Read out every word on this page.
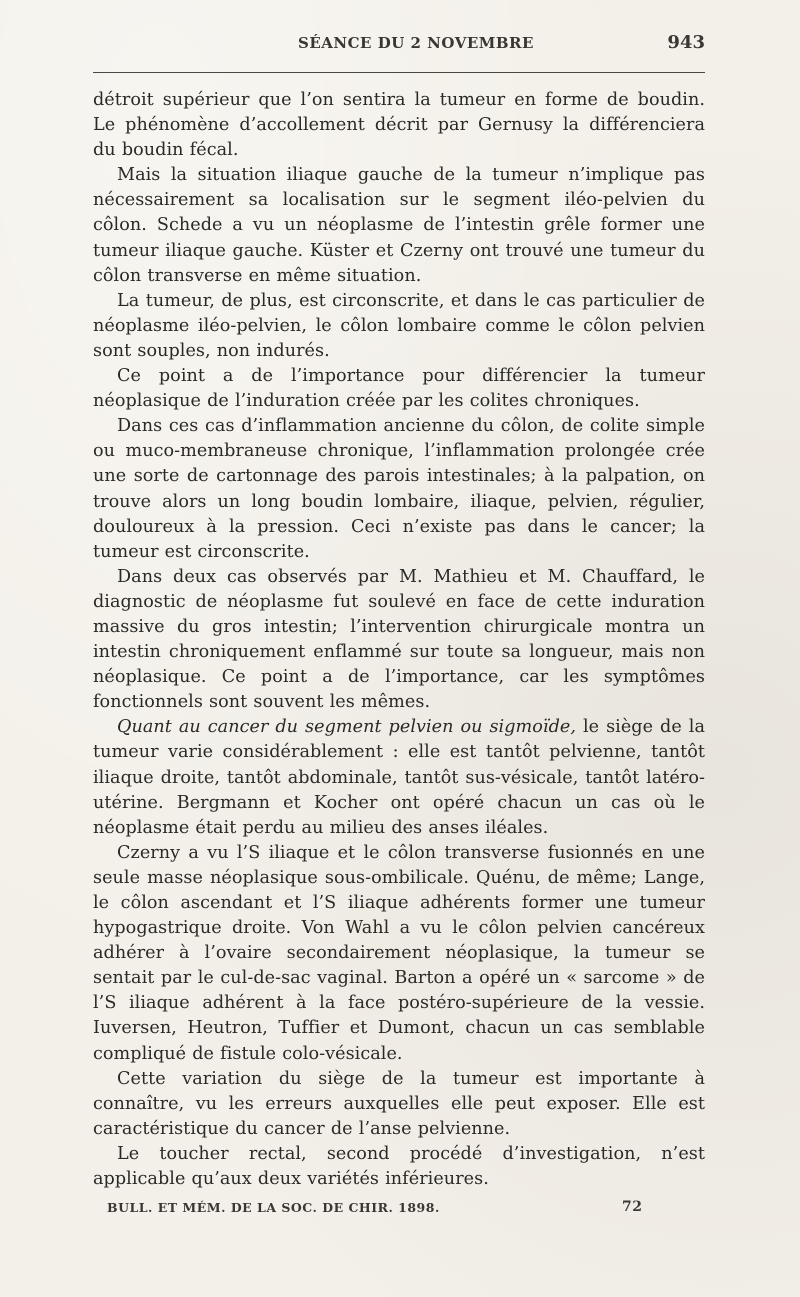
SÉANCE DU 2 NOVEMBRE	943

détroit supérieur que l’on sentira la tumeur en forme de boudin. Le phénomène d’accollement décrit par Gernusy la différenciera du boudin fécal.

Mais la situation iliaque gauche de la tumeur n’implique pas nécessairement sa localisation sur le segment iléo-pelvien du côlon. Schede a vu un néoplasme de l’intestin grêle former une tumeur iliaque gauche. Küster et Czerny ont trouvé une tumeur du côlon transverse en même situation.

La tumeur, de plus, est circonscrite, et dans le cas particulier de néoplasme iléo-pelvien, le côlon lombaire comme le côlon pelvien sont souples, non indurés.

Ce point a de l’importance pour différencier la tumeur néoplasique de l’induration créée par les colites chroniques.

Dans ces cas d’inflammation ancienne du côlon, de colite simple ou muco-membraneuse chronique, l’inflammation prolongée crée une sorte de cartonnage des parois intestinales; à la palpation, on trouve alors un long boudin lombaire, iliaque, pelvien, régulier, douloureux à la pression. Ceci n’existe pas dans le cancer; la tumeur est circonscrite.

Dans deux cas observés par M. Mathieu et M. Chauffard, le diagnostic de néoplasme fut soulevé en face de cette induration massive du gros intestin; l’intervention chirurgicale montra un intestin chroniquement enflammé sur toute sa longueur, mais non néoplasique. Ce point a de l’importance, car les symptômes fonctionnels sont souvent les mêmes.

Quant au cancer du segment pelvien ou sigmoïde, le siège de la tumeur varie considérablement : elle est tantôt pelvienne, tantôt iliaque droite, tantôt abdominale, tantôt sus-vésicale, tantôt latéro-utérine. Bergmann et Kocher ont opéré chacun un cas où le néoplasme était perdu au milieu des anses iléales.

Czerny a vu l’S iliaque et le côlon transverse fusionnés en une seule masse néoplasique sous-ombilicale. Quénu, de même; Lange, le côlon ascendant et l’S iliaque adhérents former une tumeur hypogastrique droite. Von Wahl a vu le côlon pelvien cancéreux adhérer à l’ovaire secondairement néoplasique, la tumeur se sentait par le cul-de-sac vaginal. Barton a opéré un « sarcome » de l’S iliaque adhérent à la face postéro-supérieure de la vessie. Iuversen, Heutron, Tuffier et Dumont, chacun un cas semblable compliqué de fistule colo-vésicale.

Cette variation du siège de la tumeur est importante à connaître, vu les erreurs auxquelles elle peut exposer. Elle est caractéristique du cancer de l’anse pelvienne.

Le toucher rectal, second procédé d’investigation, n’est applicable qu’aux deux variétés inférieures.

BULL. ET MÉM. DE LA SOC. DE CHIR. 1898.	72
